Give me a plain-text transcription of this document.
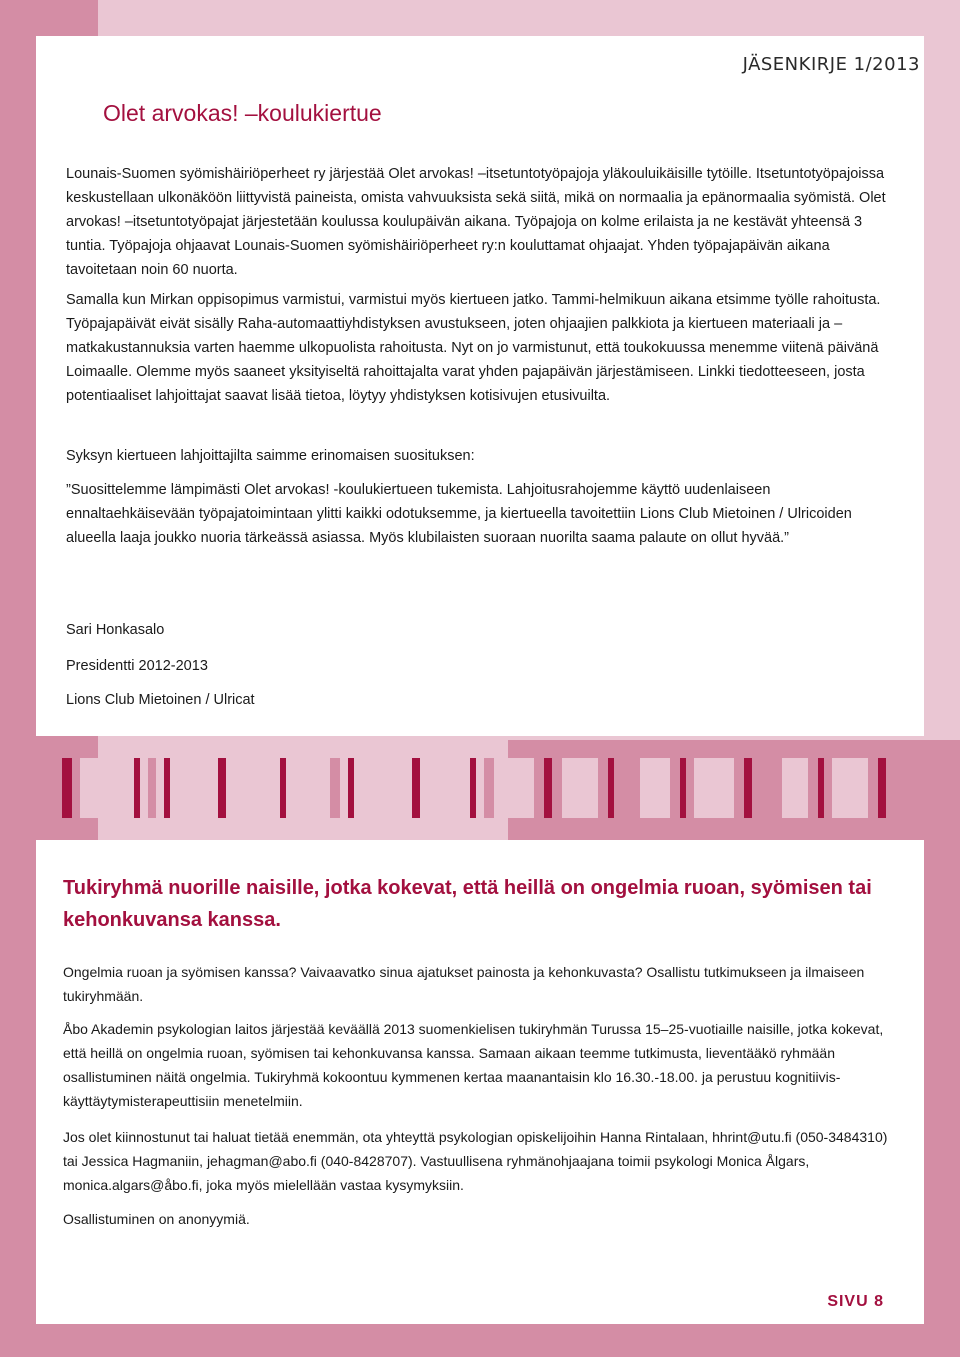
JÄSENKIRJE 1/2013
Olet arvokas! –koulukiertue
Lounais-Suomen syömishäiriöperheet ry järjestää Olet arvokas! –itsetuntotyöpajoja yläkouluikäisille tytöille. Itsetuntotyöpajoissa keskustellaan ulkonäköön liittyvistä paineista, omista vahvuuksista sekä siitä, mikä on normaalia ja epänormaalia syömistä. Olet arvokas! –itsetuntotyöpajat järjestetään koulussa koulupäivän aikana. Työpajoja on kolme erilaista ja ne kestävät yhteensä 3 tuntia. Työpajoja ohjaavat Lounais-Suomen syömishäiriöperheet ry:n kouluttamat ohjaajat. Yhden työpajapäivän aikana tavoitetaan noin 60 nuorta.
Samalla kun Mirkan oppisopimus varmistui, varmistui myös kiertueen jatko. Tammi-helmikuun aikana etsimme työlle rahoitusta. Työpajapäivät eivät sisälly Raha-automaattiyhdistyksen avustukseen, joten ohjaajien palkkiota ja kiertueen materiaali ja –matkakustannuksia varten haemme ulkopuolista rahoitusta. Nyt on jo varmistunut, että toukokuussa menemme viitenä päivänä Loimaalle. Olemme myös saaneet yksityiseltä rahoittajalta varat yhden pajapäivän järjestämiseen. Linkki tiedotteeseen, josta potentiaaliset lahjoittajat saavat lisää tietoa, löytyy yhdistyksen kotisivujen etusivuilta.
Syksyn kiertueen lahjoittajilta saimme erinomaisen suosituksen:
”Suosittelemme lämpimästi Olet arvokas! -koulukiertueen tukemista. Lahjoitusrahojemme käyttö uudenlaiseen ennaltaehkäisevään työpajatoimintaan ylitti kaikki odotuksemme, ja kiertueella tavoitettiin Lions Club Mietoinen / Ulricoiden alueella laaja joukko nuoria tärkeässä asiassa. Myös klubilaisten suoraan nuorilta saama palaute on ollut hyvää.”
Sari Honkasalo
Presidentti 2012-2013
Lions Club Mietoinen / Ulricat
Tukiryhmä nuorille naisille, jotka kokevat, että heillä on ongelmia ruoan, syömisen tai kehonkuvansa kanssa.
Ongelmia ruoan ja syömisen kanssa? Vaivaavatko sinua ajatukset painosta ja kehonkuvasta? Osallistu tutkimukseen ja ilmaiseen tukiryhmään.
Åbo Akademin psykologian laitos järjestää keväällä 2013 suomenkielisen tukiryhmän Turussa 15–25-vuotiaille naisille, jotka kokevat, että heillä on ongelmia ruoan, syömisen tai kehonkuvansa kanssa. Samaan aikaan teemme tutkimusta, lieventääkö ryhmään osallistuminen näitä ongelmia. Tukiryhmä kokoontuu kymmenen kertaa maanantaisin klo 16.30.-18.00. ja perustuu kognitiivis-käyttäytymisterapeuttisiin menetelmiin.
Jos olet kiinnostunut tai haluat tietää enemmän, ota yhteyttä psykologian opiskelijoihin Hanna Rintalaan, hhrint@utu.fi (050-3484310) tai Jessica Hagmaniin, jehagman@abo.fi (040-8428707). Vastuullisena ryhmänohjaajana toimii psykologi Monica Ålgars, monica.algars@åbo.fi, joka myös mielellään vastaa kysymyksiin.
Osallistuminen on anonyymiä.
SIVU 8
